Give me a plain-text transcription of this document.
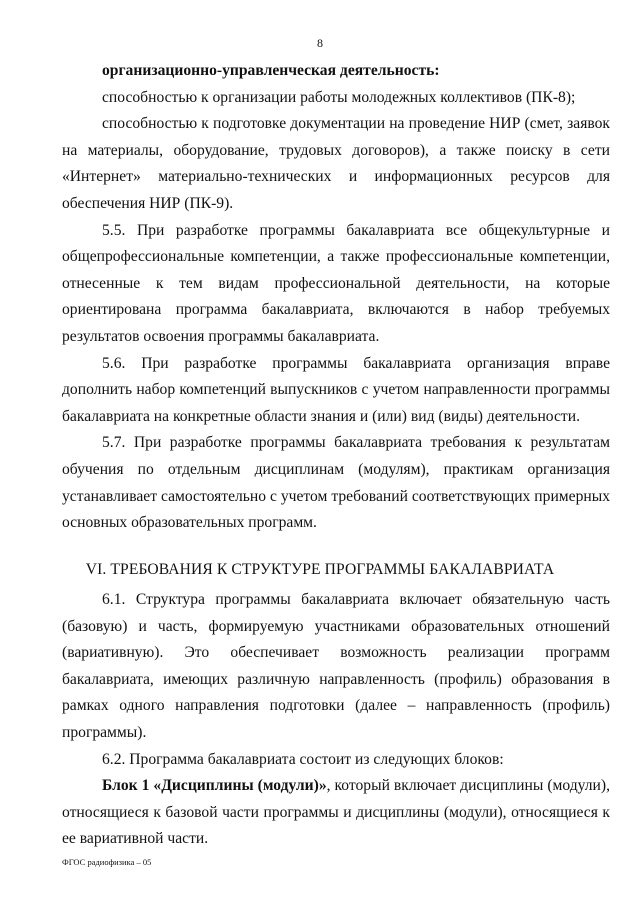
8

организационно-управленческая деятельность:

способностью к организации работы молодежных коллективов (ПК-8);

способностью к подготовке документации на проведение НИР (смет, заявок на материалы, оборудование, трудовых договоров), а также поиску в сети «Интернет» материально-технических и информационных ресурсов для обеспечения НИР (ПК-9).

5.5. При разработке программы бакалавриата все общекультурные и общепрофессиональные компетенции, а также профессиональные компетенции, отнесенные к тем видам профессиональной деятельности, на которые ориентирована программа бакалавриата, включаются в набор требуемых результатов освоения программы бакалавриата.

5.6. При разработке программы бакалавриата организация вправе дополнить набор компетенций выпускников с учетом направленности программы бакалавриата на конкретные области знания и (или) вид (виды) деятельности.

5.7. При разработке программы бакалавриата требования к результатам обучения по отдельным дисциплинам (модулям), практикам организация устанавливает самостоятельно с учетом требований соответствующих примерных основных образовательных программ.

VI. ТРЕБОВАНИЯ К СТРУКТУРЕ ПРОГРАММЫ БАКАЛАВРИАТА

6.1. Структура программы бакалавриата включает обязательную часть (базовую) и часть, формируемую участниками образовательных отношений (вариативную). Это обеспечивает возможность реализации программ бакалавриата, имеющих различную направленность (профиль) образования в рамках одного направления подготовки (далее – направленность (профиль) программы).

6.2. Программа бакалавриата состоит из следующих блоков:

Блок 1 «Дисциплины (модули)», который включает дисциплины (модули), относящиеся к базовой части программы и дисциплины (модули), относящиеся к ее вариативной части.

ФГОС радиофизика – 05
